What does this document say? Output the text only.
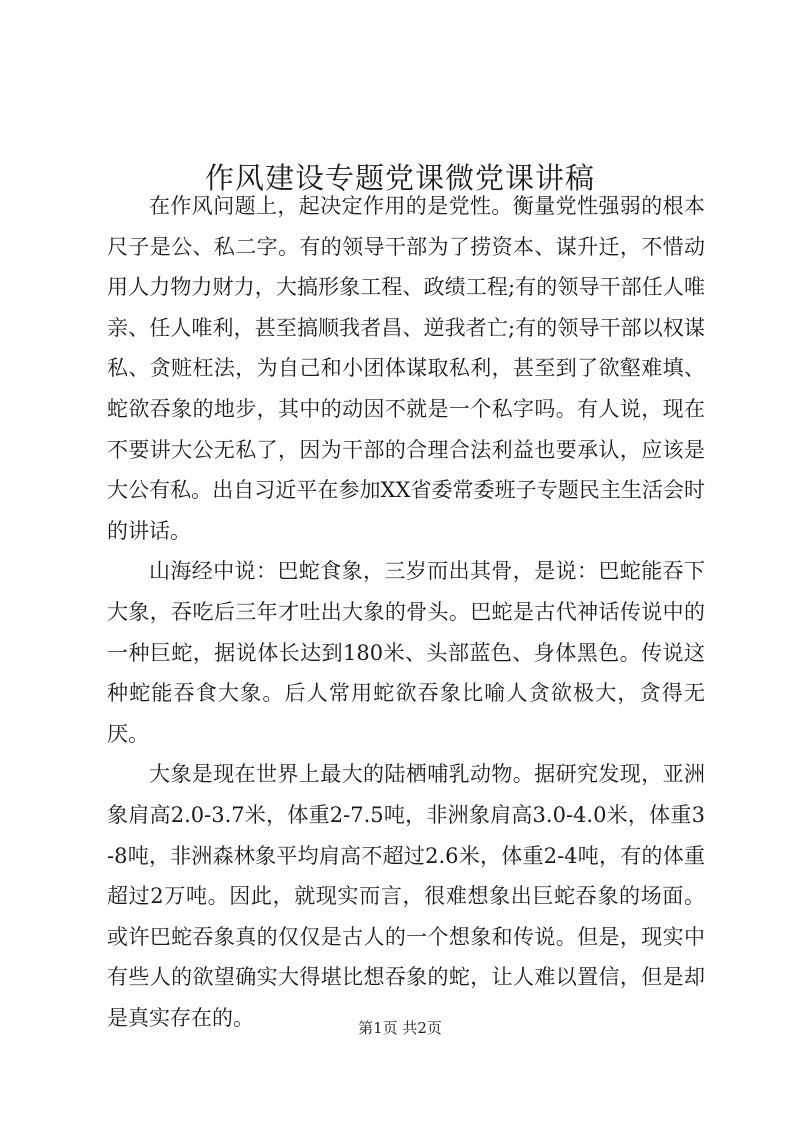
作风建设专题党课微党课讲稿

在作风问题上，起决定作用的是党性。衡量党性强弱的根本尺子是公、私二字。有的领导干部为了捞资本、谋升迁，不惜动用人力物力财力，大搞形象工程、政绩工程;有的领导干部任人唯亲、任人唯利，甚至搞顺我者昌、逆我者亡;有的领导干部以权谋私、贪赃枉法，为自己和小团体谋取私利，甚至到了欲壑难填、蛇欲吞象的地步，其中的动因不就是一个私字吗。有人说，现在不要讲大公无私了，因为干部的合理合法利益也要承认，应该是大公有私。出自习近平在参加XX省委常委班子专题民主生活会时的讲话。

山海经中说：巴蛇食象，三岁而出其骨，是说：巴蛇能吞下大象，吞吃后三年才吐出大象的骨头。巴蛇是古代神话传说中的一种巨蛇，据说体长达到180米、头部蓝色、身体黑色。传说这种蛇能吞食大象。后人常用蛇欲吞象比喻人贪欲极大，贪得无厌。

大象是现在世界上最大的陆栖哺乳动物。据研究发现，亚洲象肩高2.0-3.7米，体重2-7.5吨，非洲象肩高3.0-4.0米，体重3-8吨，非洲森林象平均肩高不超过2.6米，体重2-4吨，有的体重超过2万吨。因此，就现实而言，很难想象出巨蛇吞象的场面。或许巴蛇吞象真的仅仅是古人的一个想象和传说。但是，现实中有些人的欲望确实大得堪比想吞象的蛇，让人难以置信，但是却是真实存在的。	第1页 共2页
